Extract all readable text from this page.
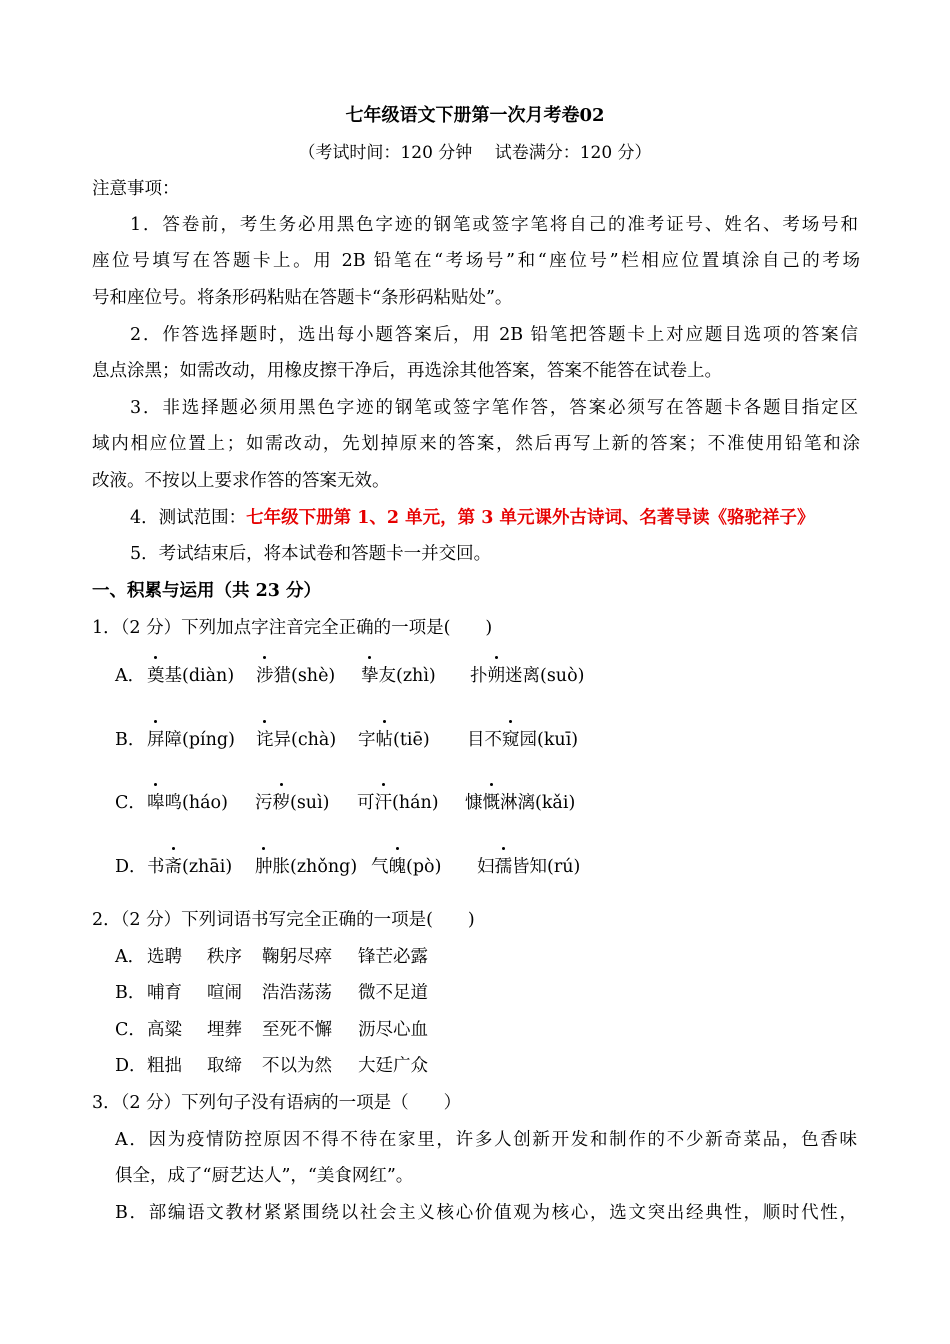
七年级语文下册第一次月考卷02
（考试时间：120 分钟　 试卷满分：120 分）
注意事项：
1．答卷前，考生务必用黑色字迹的钢笔或签字笔将自己的准考证号、姓名、考场号和
座位号填写在答题卡上。用 2B 铅笔在“考场号”和“座位号”栏相应位置填涂自己的考场
号和座位号。将条形码粘贴在答题卡“条形码粘贴处”。
2．作答选择题时，选出每小题答案后，用 2B 铅笔把答题卡上对应题目选项的答案信
息点涂黑；如需改动，用橡皮擦干净后，再选涂其他答案，答案不能答在试卷上。
3．非选择题必须用黑色字迹的钢笔或签字笔作答，答案必须写在答题卡各题目指定区
域内相应位置上；如需改动，先划掉原来的答案，然后再写上新的答案；不准使用铅笔和涂
改液。不按以上要求作答的答案无效。
4．测试范围：七年级下册第 1、2 单元，第 3 单元课外古诗词、名著导读《骆驼祥子》
5．考试结束后，将本试卷和答题卡一并交回。
一、积累与运用（共 23 分）
1．（2 分）下列加点字注音完全正确的一项是(　　)
A． 奠基(diàn) 涉猎(shè) 挚友(zhì) 扑朔迷离(suò)
B． 屏障(píng) 诧异(chà) 字帖(tiē) 目不窥园(kuī)
C． 嗥鸣(háo) 污秽(suì) 可汗(hán) 慷慨淋漓(kǎi)
D． 书斋(zhāi) 肿胀(zhǒng) 气魄(pò) 妇孺皆知(rú)
2．（2 分）下列词语书写完全正确的一项是(　　)
A． 选聘 秩序 鞠躬尽瘁 锋芒必露
B． 哺育 喧闹 浩浩荡荡 微不足道
C． 高粱 埋葬 至死不懈 沥尽心血
D． 粗拙 取缔 不以为然 大廷广众
3．（2 分）下列句子没有语病的一项是（　　）
A．因为疫情防控原因不得不待在家里，许多人创新开发和制作的不少新奇菜品，色香味
俱全，成了“厨艺达人”，“美食网红”。
B．部编语文教材紧紧围绕以社会主义核心价值观为核心，选文突出经典性，顺时代性，
